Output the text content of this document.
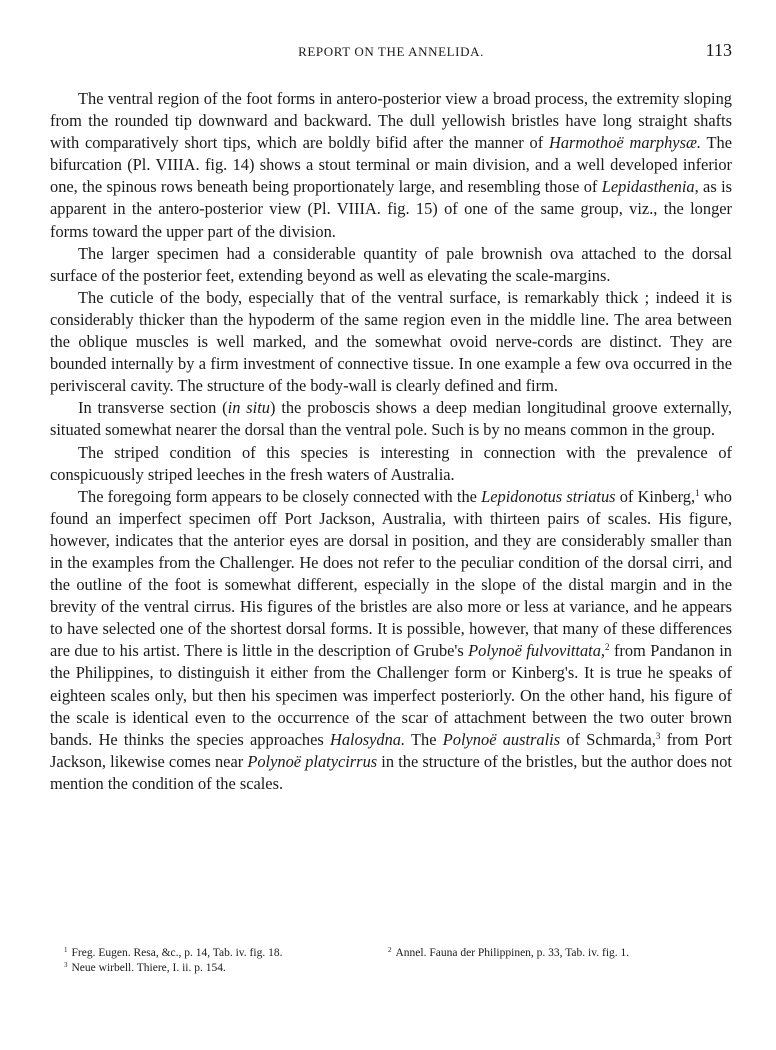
REPORT ON THE ANNELIDA.	113

The ventral region of the foot forms in antero-posterior view a broad process, the extremity sloping from the rounded tip downward and backward. The dull yellowish bristles have long straight shafts with comparatively short tips, which are boldly bifid after the manner of Harmothoë marphysæ. The bifurcation (Pl. VIIIA. fig. 14) shows a stout terminal or main division, and a well developed inferior one, the spinous rows beneath being proportionately large, and resembling those of Lepidasthenia, as is apparent in the antero-posterior view (Pl. VIIIA. fig. 15) of one of the same group, viz., the longer forms toward the upper part of the division.

The larger specimen had a considerable quantity of pale brownish ova attached to the dorsal surface of the posterior feet, extending beyond as well as elevating the scale-margins.

The cuticle of the body, especially that of the ventral surface, is remarkably thick ; indeed it is considerably thicker than the hypoderm of the same region even in the middle line. The area between the oblique muscles is well marked, and the somewhat ovoid nerve-cords are distinct. They are bounded internally by a firm investment of connective tissue. In one example a few ova occurred in the perivisceral cavity. The structure of the body-wall is clearly defined and firm.

In transverse section (in situ) the proboscis shows a deep median longitudinal groove externally, situated somewhat nearer the dorsal than the ventral pole. Such is by no means common in the group.

The striped condition of this species is interesting in connection with the prevalence of conspicuously striped leeches in the fresh waters of Australia.

The foregoing form appears to be closely connected with the Lepidonotus striatus of Kinberg,$^1$ who found an imperfect specimen off Port Jackson, Australia, with thirteen pairs of scales. His figure, however, indicates that the anterior eyes are dorsal in position, and they are considerably smaller than in the examples from the Challenger. He does not refer to the peculiar condition of the dorsal cirri, and the outline of the foot is somewhat different, especially in the slope of the distal margin and in the brevity of the ventral cirrus. His figures of the bristles are also more or less at variance, and he appears to have selected one of the shortest dorsal forms. It is possible, however, that many of these differences are due to his artist. There is little in the description of Grube's Polynoë fulvovittata,$^2$ from Pandanon in the Philippines, to distinguish it either from the Challenger form or Kinberg's. It is true he speaks of eighteen scales only, but then his specimen was imperfect posteriorly. On the other hand, his figure of the scale is identical even to the occurrence of the scar of attachment between the two outer brown bands. He thinks the species approaches Halosydna. The Polynoë australis of Schmarda,$^3$ from Port Jackson, likewise comes near Polynoë platycirrus in the structure of the bristles, but the author does not mention the condition of the scales.

$^1$ Freg. Eugen. Resa, &c., p. 14, Tab. iv. fig. 18.	$^2$ Annel. Fauna der Philippinen, p. 33, Tab. iv. fig. 1.

$^3$ Neue wirbell. Thiere, I. ii. p. 154.
